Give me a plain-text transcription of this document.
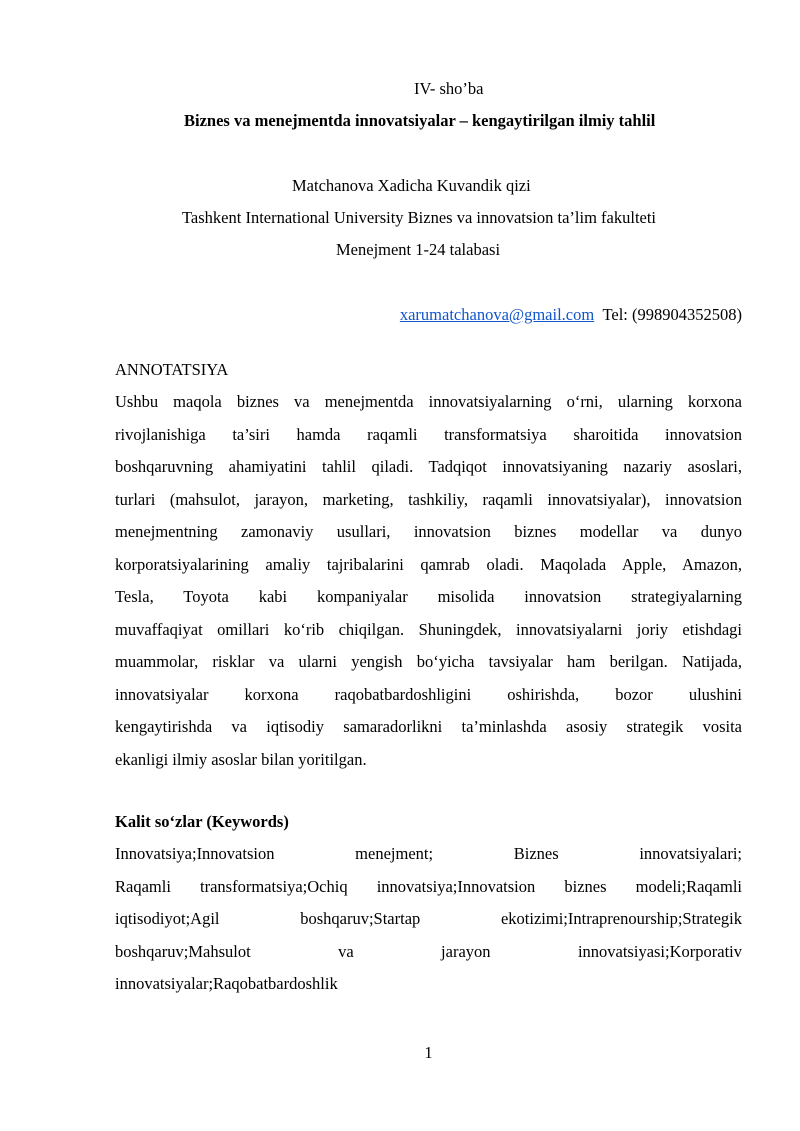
IV- sho’ba
Biznes va menejmentda innovatsiyalar – kengaytirilgan ilmiy tahlil
Matchanova Xadicha Kuvandik qizi
Tashkent International University Biznes va innovatsion ta’lim fakulteti
Menejment 1-24 talabasi
xarumatchanova@gmail.com Tel: (998904352508)
ANNOTATSIYA
Ushbu maqola biznes va menejmentda innovatsiyalarning o‘rni, ularning korxona
rivojlanishiga ta’siri hamda raqamli transformatsiya sharoitida innovatsion
boshqaruvning ahamiyatini tahlil qiladi. Tadqiqot innovatsiyaning nazariy asoslari,
turlari (mahsulot, jarayon, marketing, tashkiliy, raqamli innovatsiyalar), innovatsion
menejmentning zamonaviy usullari, innovatsion biznes modellar va dunyo
korporatsiyalarining amaliy tajribalarini qamrab oladi. Maqolada Apple, Amazon,
Tesla, Toyota kabi kompaniyalar misolida innovatsion strategiyalarning
muvaffaqiyat omillari ko‘rib chiqilgan. Shuningdek, innovatsiyalarni joriy etishdagi
muammolar, risklar va ularni yengish bo‘yicha tavsiyalar ham berilgan. Natijada,
innovatsiyalar korxona raqobatbardoshligini oshirishda, bozor ulushini
kengaytirishda va iqtisodiy samaradorlikni ta’minlashda asosiy strategik vosita
ekanligi ilmiy asoslar bilan yoritilgan.
Kalit so‘zlar (Keywords)
Innovatsiya;Innovatsion menejment; Biznes innovatsiyalari;
Raqamli transformatsiya;Ochiq innovatsiya;Innovatsion biznes modeli;Raqamli
iqtisodiyot;Agil boshqaruv;Startap ekotizimi;Intraprenourship;Strategik
boshqaruv;Mahsulot va jarayon innovatsiyasi;Korporativ
innovatsiyalar;Raqobatbardoshlik
1
